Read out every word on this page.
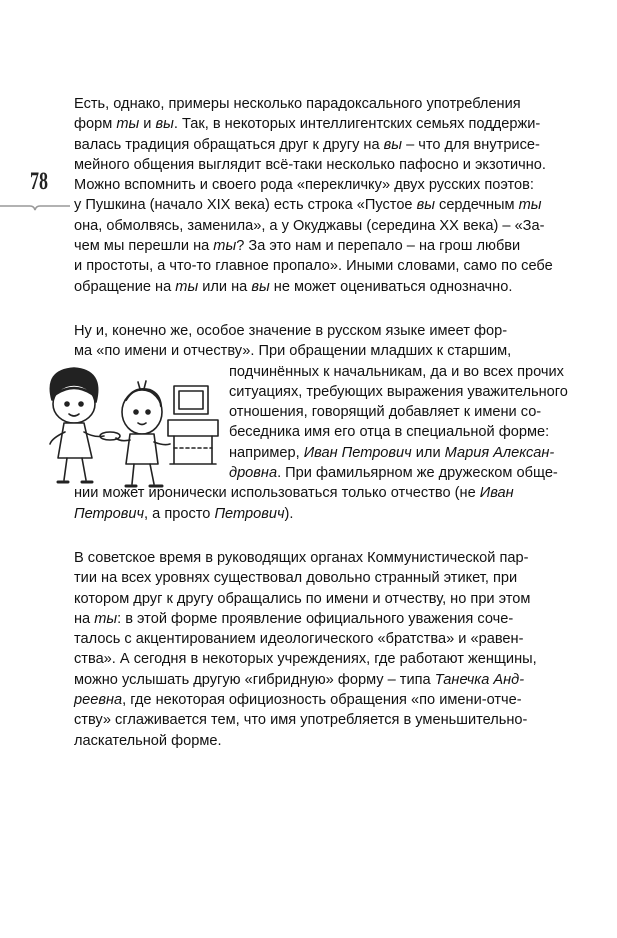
78
Есть, однако, примеры несколько парадоксального употребления
форм ты и вы. Так, в некоторых интеллигентских семьях поддержи-
валась традиция обращаться друг к другу на вы – что для внутрисе-
мейного общения выглядит всё-таки несколько пафосно и экзотично.
Можно вспомнить и своего рода «перекличку» двух русских поэтов:
у Пушкина (начало XIX века) есть строка «Пустое вы сердечным ты
она, обмолвясь, заменила», а у Окуджавы (середина XX века) – «За-
чем мы перешли на ты? За это нам и перепало – на грош любви
и простоты, а что-то главное пропало». Иными словами, само по себе
обращение на ты или на вы не может оцениваться однозначно.
Ну и, конечно же, особое значение в русском языке имеет фор-
ма «по имени и отчеству». При обращении младших к старшим,
подчинённых к начальникам, да и во всех прочих
ситуациях, требующих выражения уважительного
отношения, говорящий добавляет к имени со-
беседника имя его отца в специальной форме:
например, Иван Петрович или Мария Алексан-
дровна. При фамильярном же дружеском обще-
нии может иронически использоваться только отчество (не Иван
Петрович, а просто Петрович).
В советское время в руководящих органах Коммунистической пар-
тии на всех уровнях существовал довольно странный этикет, при
котором друг к другу обращались по имени и отчеству, но при этом
на ты: в этой форме проявление официального уважения соче-
талось с акцентированием идеологического «братства» и «равен-
ства». А сегодня в некоторых учреждениях, где работают женщины,
можно услышать другую «гибридную» форму – типа Танечка Анд-
реевна, где некоторая официозность обращения «по имени-отче-
ству» сглаживается тем, что имя употребляется в уменьшительно-
ласкательной форме.
